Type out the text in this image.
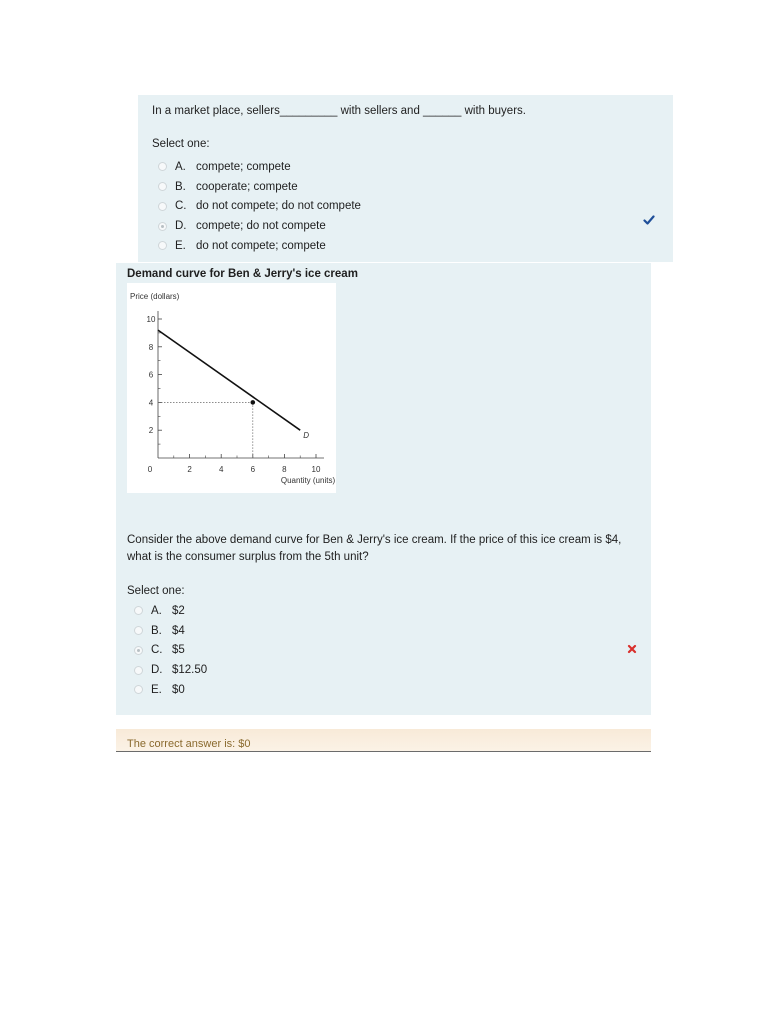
In a market place, sellers_________ with sellers and ______ with buyers.
Select one:
A. compete; compete
B. cooperate; compete
C. do not compete; do not compete
D. compete; do not compete
E. do not compete; compete
Demand curve for Ben & Jerry's ice cream
10
8
6
4
2
0	2	4	6	8	10
Price (dollars)
Quantity (units)
D
Consider the above demand curve for Ben & Jerry's ice cream. If the price of this ice cream is $4, what is the consumer surplus from the 5th unit?
Select one:
A. $2
B. $4
C. $5
D. $12.50
E. $0
The correct answer is: $0
